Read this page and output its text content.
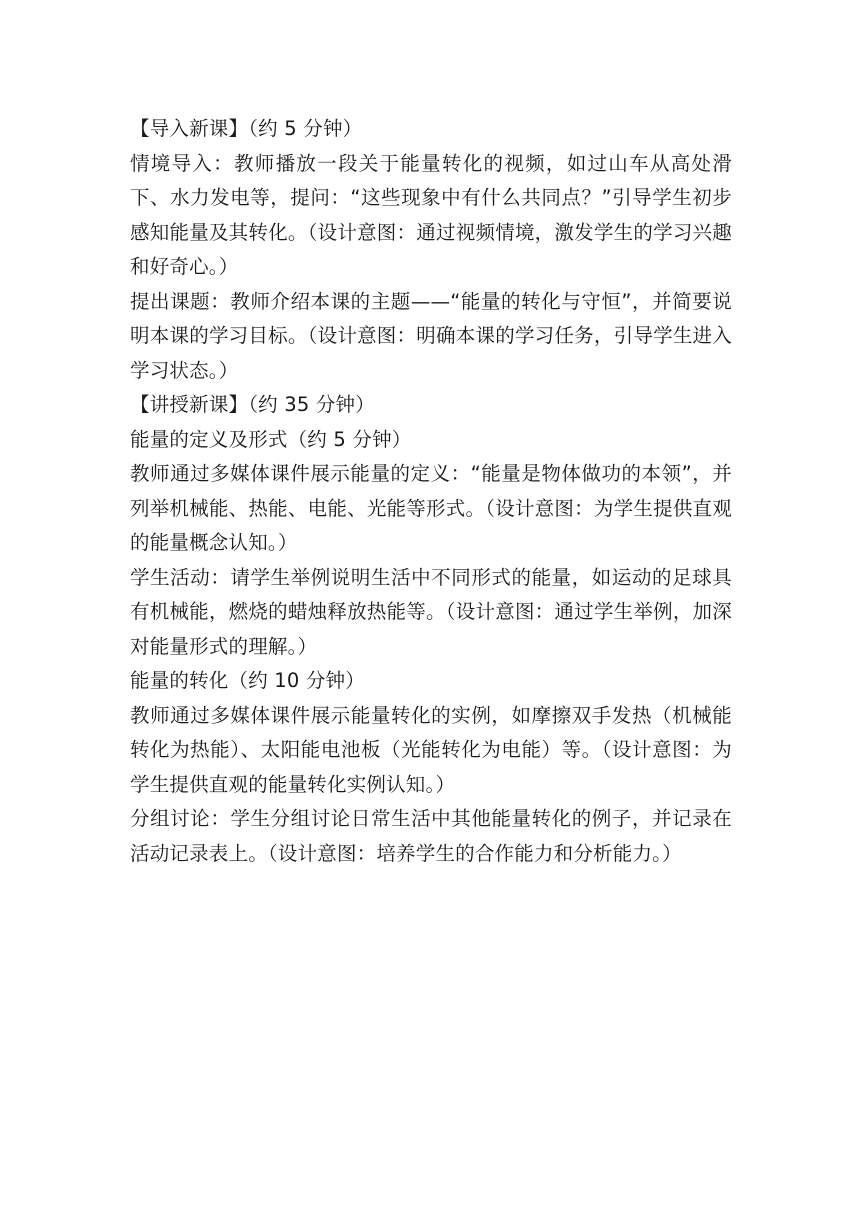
【导入新课】（约 5 分钟）

情境导入：教师播放一段关于能量转化的视频，如过山车从高处滑下、水力发电等，提问：“这些现象中有什么共同点？”引导学生初步感知能量及其转化。（设计意图：通过视频情境，激发学生的学习兴趣和好奇心。）

提出课题：教师介绍本课的主题——“能量的转化与守恒”，并简要说明本课的学习目标。（设计意图：明确本课的学习任务，引导学生进入学习状态。）

【讲授新课】（约 35 分钟）

能量的定义及形式（约 5 分钟）

教师通过多媒体课件展示能量的定义：“能量是物体做功的本领”，并列举机械能、热能、电能、光能等形式。（设计意图：为学生提供直观的能量概念认知。）

学生活动：请学生举例说明生活中不同形式的能量，如运动的足球具有机械能，燃烧的蜡烛释放热能等。（设计意图：通过学生举例，加深对能量形式的理解。）

能量的转化（约 10 分钟）

教师通过多媒体课件展示能量转化的实例，如摩擦双手发热（机械能转化为热能）、太阳能电池板（光能转化为电能）等。（设计意图：为学生提供直观的能量转化实例认知。）

分组讨论：学生分组讨论日常生活中其他能量转化的例子，并记录在活动记录表上。（设计意图：培养学生的合作能力和分析能力。）
